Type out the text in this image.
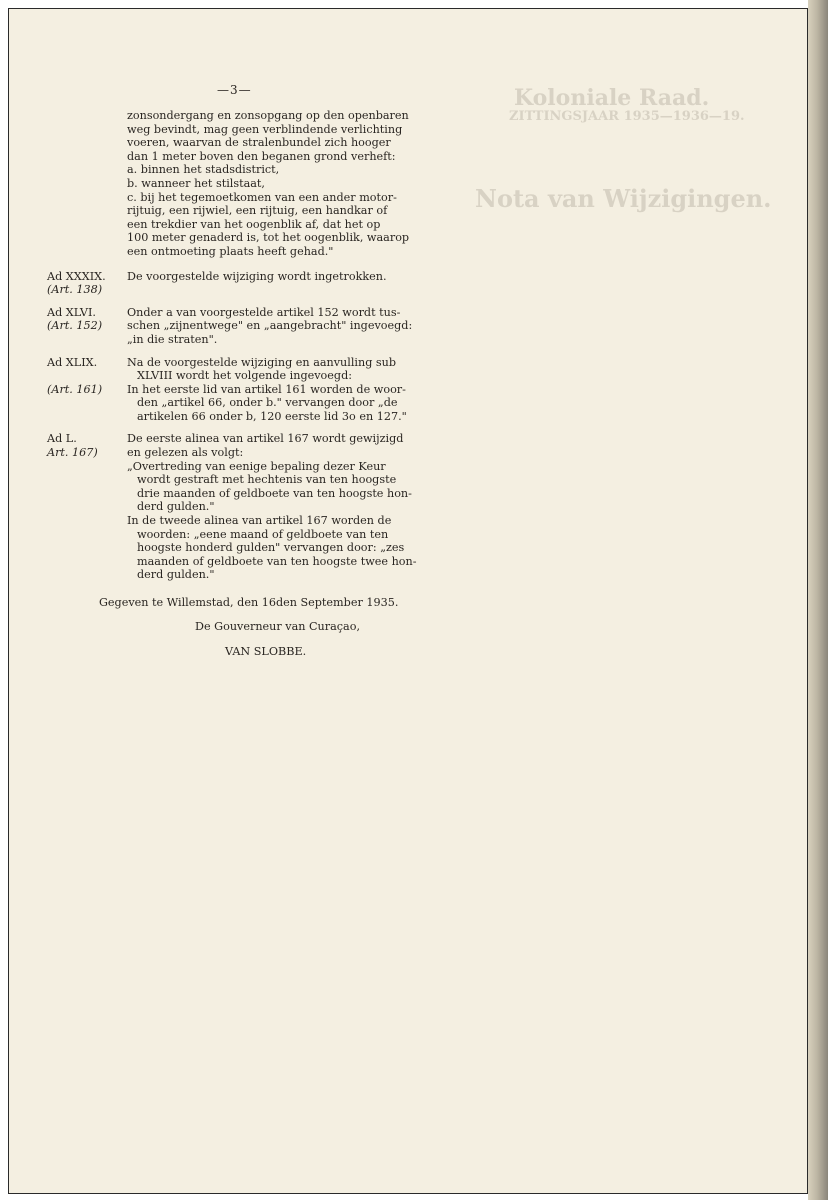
Koloniale Raad.
ZITTINGSJAAR 1935—1936—19.
Nota van Wijzigingen.
—3—
zonsondergang en zonsopgang op den openbaren
weg bevindt, mag geen verblindende verlichting
voeren, waarvan de stralenbundel zich hooger
dan 1 meter boven den beganen grond verheft:
a. binnen het stadsdistrict,
b. wanneer het stilstaat,
c. bij het tegemoetkomen van een ander motor-
rijtuig, een rijwiel, een rijtuig, een handkar of
een trekdier van het oogenblik af, dat het op
100 meter genaderd is, tot het oogenblik, waarop
een ontmoeting plaats heeft gehad."
Ad XXXIX.
(Art. 138)
De voorgestelde wijziging wordt ingetrokken.
Ad XLVI.
(Art. 152)
Onder a van voorgestelde artikel 152 wordt tus-
schen „zijnentwege" en „aangebracht" ingevoegd:
„in die straten".
Ad XLIX.
(Art. 161)
Na de voorgestelde wijziging en aanvulling sub
XLVIII wordt het volgende ingevoegd:
In het eerste lid van artikel 161 worden de woor-
den „artikel 66, onder b." vervangen door „de
artikelen 66 onder b, 120 eerste lid 3o en 127."
Ad L.
Art. 167)
De eerste alinea van artikel 167 wordt gewijzigd
en gelezen als volgt:
„Overtreding van eenige bepaling dezer Keur
wordt gestraft met hechtenis van ten hoogste
drie maanden of geldboete van ten hoogste hon-
derd gulden."
In de tweede alinea van artikel 167 worden de
woorden: „eene maand of geldboete van ten
hoogste honderd gulden" vervangen door: „zes
maanden of geldboete van ten hoogste twee hon-
derd gulden."
Gegeven te Willemstad, den 16den September 1935.
De Gouverneur van Curaçao,
VAN SLOBBE.
